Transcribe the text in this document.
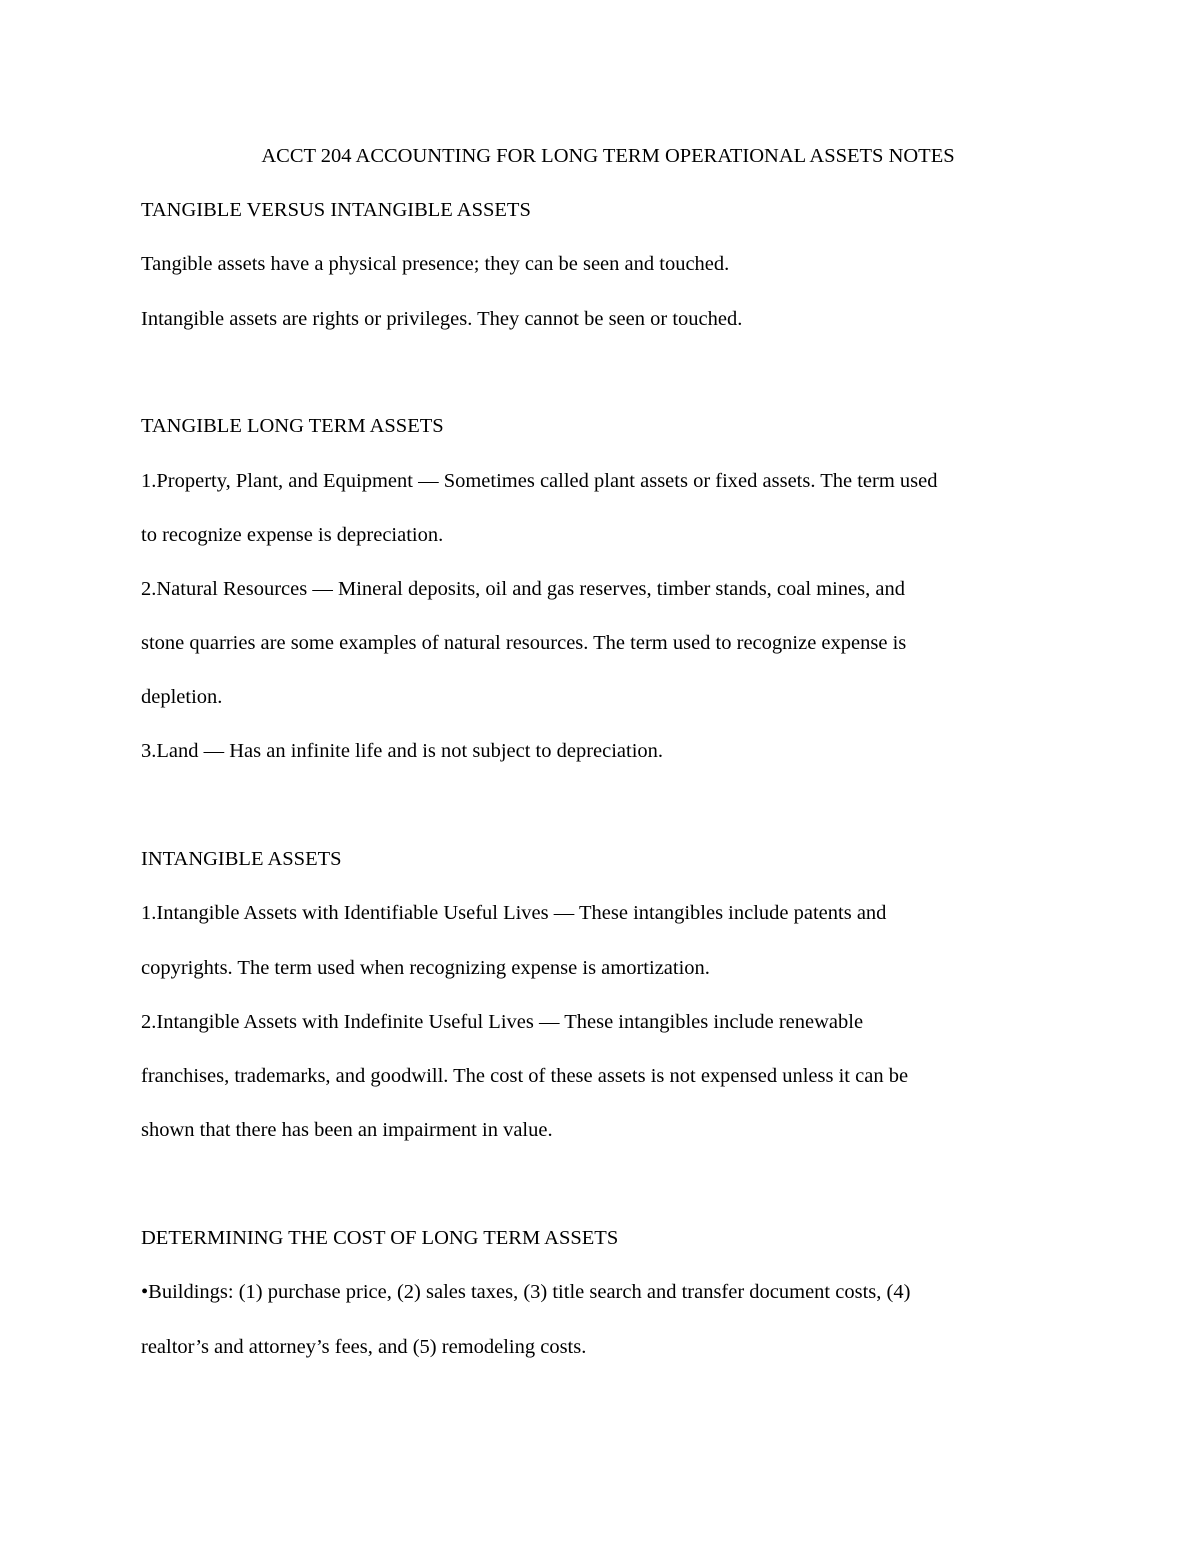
ACCT 204 ACCOUNTING FOR LONG TERM OPERATIONAL ASSETS NOTES

TANGIBLE VERSUS INTANGIBLE ASSETS

Tangible assets have a physical presence; they can be seen and touched.

Intangible assets are rights or privileges. They cannot be seen or touched.

TANGIBLE LONG TERM ASSETS

1.Property, Plant, and Equipment — Sometimes called plant assets or fixed assets. The term used

to recognize expense is depreciation.

2.Natural Resources — Mineral deposits, oil and gas reserves, timber stands, coal mines, and

stone quarries are some examples of natural resources. The term used to recognize expense is

depletion.

3.Land — Has an infinite life and is not subject to depreciation.

INTANGIBLE ASSETS

1.Intangible Assets with Identifiable Useful Lives — These intangibles include patents and

copyrights. The term used when recognizing expense is amortization.

2.Intangible Assets with Indefinite Useful Lives — These intangibles include renewable

franchises, trademarks, and goodwill. The cost of these assets is not expensed unless it can be

shown that there has been an impairment in value.

DETERMINING THE COST OF LONG TERM ASSETS

•Buildings: (1) purchase price, (2) sales taxes, (3) title search and transfer document costs, (4)

realtor’s and attorney’s fees, and (5) remodeling costs.
